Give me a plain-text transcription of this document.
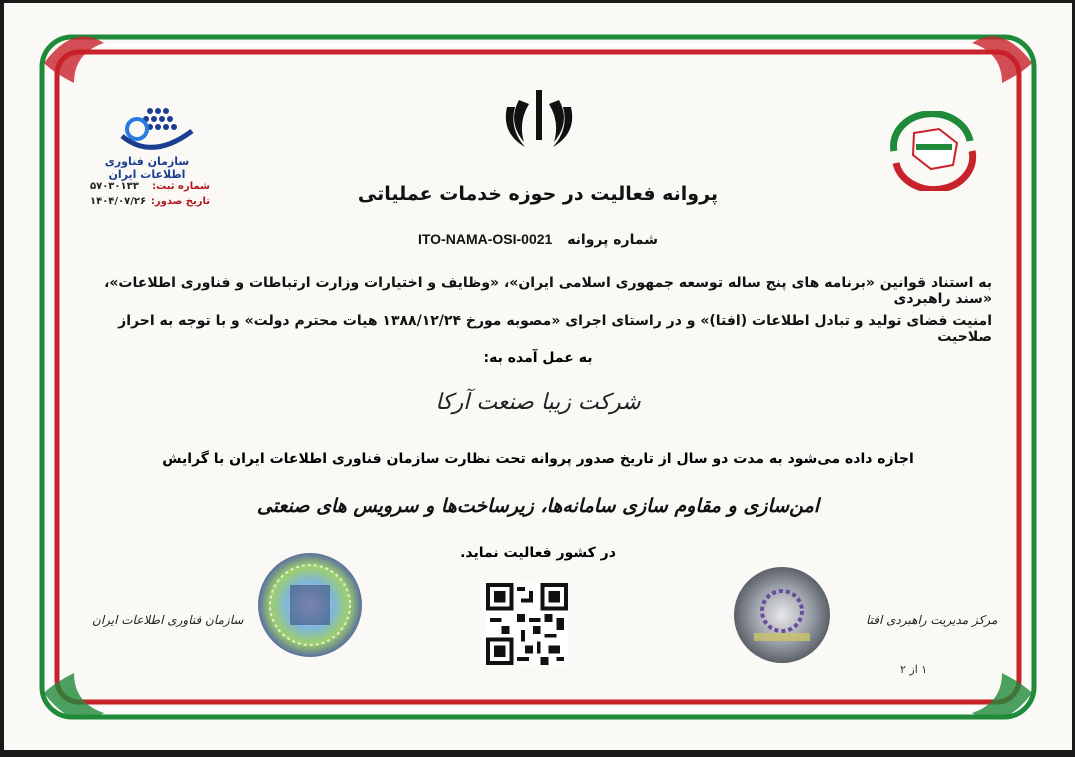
سازمان فناوری اطلاعات ایران
شماره ثبت:
۵۷۰۳۰۱۳۳
تاریخ صدور:
۱۴۰۴/۰۷/۲۶	پروانه فعالیت در حوزه خدمات عملیاتی
شماره پروانه ITO-NAMA-OSI-0021
به استناد قوانین «برنامه های پنج ساله توسعه جمهوری اسلامی ایران»، «وظایف و اختیارات وزارت ارتباطات و فناوری اطلاعات»، «سند راهبردی
امنیت فضای تولید و تبادل اطلاعات (افتا)» و در راستای اجرای «مصوبه مورخ ۱۳۸۸/۱۲/۲۴ هیات محترم دولت» و با توجه به احراز صلاحیت
به عمل آمده به:
شرکت زیبا صنعت آرکا
اجازه داده می‌شود به مدت دو سال از تاریخ صدور پروانه تحت نظارت سازمان فناوری اطلاعات ایران با گرایش
امن‌سازی و مقاوم سازی سامانه‌ها، زیرساخت‌ها و سرویس های صنعتی
در کشور فعالیت نماید.
سازمان فناوری اطلاعات ایران	مرکز مدیریت راهبردی افتا
۱ از ۲
